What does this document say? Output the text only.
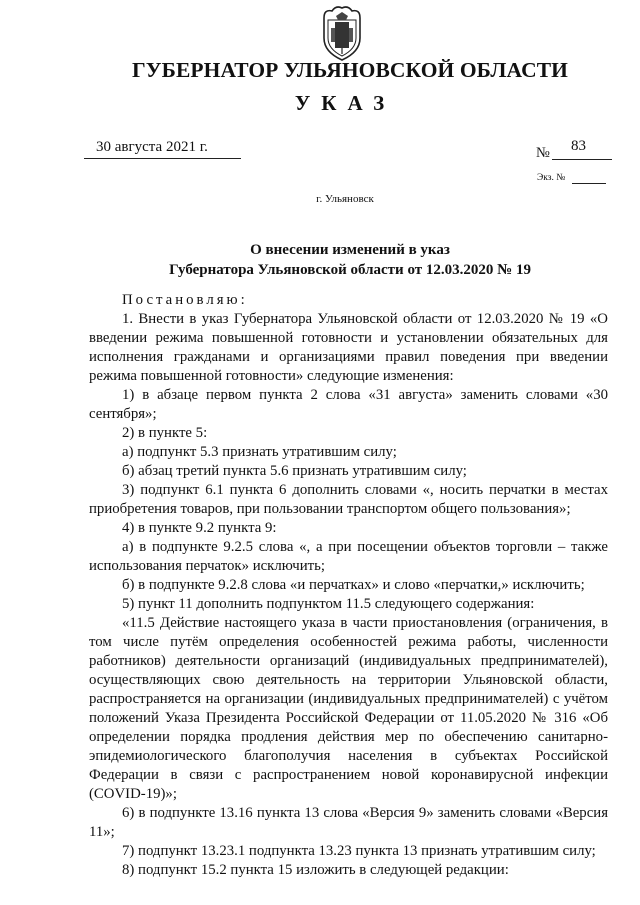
ГУБЕРНАТОР УЛЬЯНОВСКОЙ ОБЛАСТИ
УКАЗ
30 августа 2021 г.	№ 83
Экз. №
г. Ульяновск
О внесении изменений в указ
Губернатора Ульяновской области от 12.03.2020 № 19

Постановляю:

1. Внести в указ Губернатора Ульяновской области от 12.03.2020 № 19 «О введении режима повышенной готовности и установлении обязательных для исполнения гражданами и организациями правил поведения при введении режима повышенной готовности» следующие изменения:

1) в абзаце первом пункта 2 слова «31 августа» заменить словами «30 сентября»;

2) в пункте 5:

а) подпункт 5.3 признать утратившим силу;

б) абзац третий пункта 5.6 признать утратившим силу;

3) подпункт 6.1 пункта 6 дополнить словами «, носить перчатки в местах приобретения товаров, при пользовании транспортом общего пользования»;

4) в пункте 9.2 пункта 9:

а) в подпункте 9.2.5 слова «, а при посещении объектов торговли – также использования перчаток» исключить;

б) в подпункте 9.2.8 слова «и перчатках» и слово «перчатки,» исключить;

5) пункт 11 дополнить подпунктом 11.5 следующего содержания:

«11.5 Действие настоящего указа в части приостановления (ограничения, в том числе путём определения особенностей режима работы, численности работников) деятельности организаций (индивидуальных предпринимателей), осуществляющих свою деятельность на территории Ульяновской области, распространяется на организации (индивидуальных предпринимателей) с учётом положений Указа Президента Российской Федерации от 11.05.2020 № 316 «Об определении порядка продления действия мер по обеспечению санитарно-эпидемиологического благополучия населения в субъектах Российской Федерации в связи с распространением новой коронавирусной инфекции (COVID-19)»;

6) в подпункте 13.16 пункта 13 слова «Версия 9» заменить словами «Версия 11»;

7) подпункт 13.23.1 подпункта 13.23 пункта 13 признать утратившим силу;

8) подпункт 15.2 пункта 15 изложить в следующей редакции:
